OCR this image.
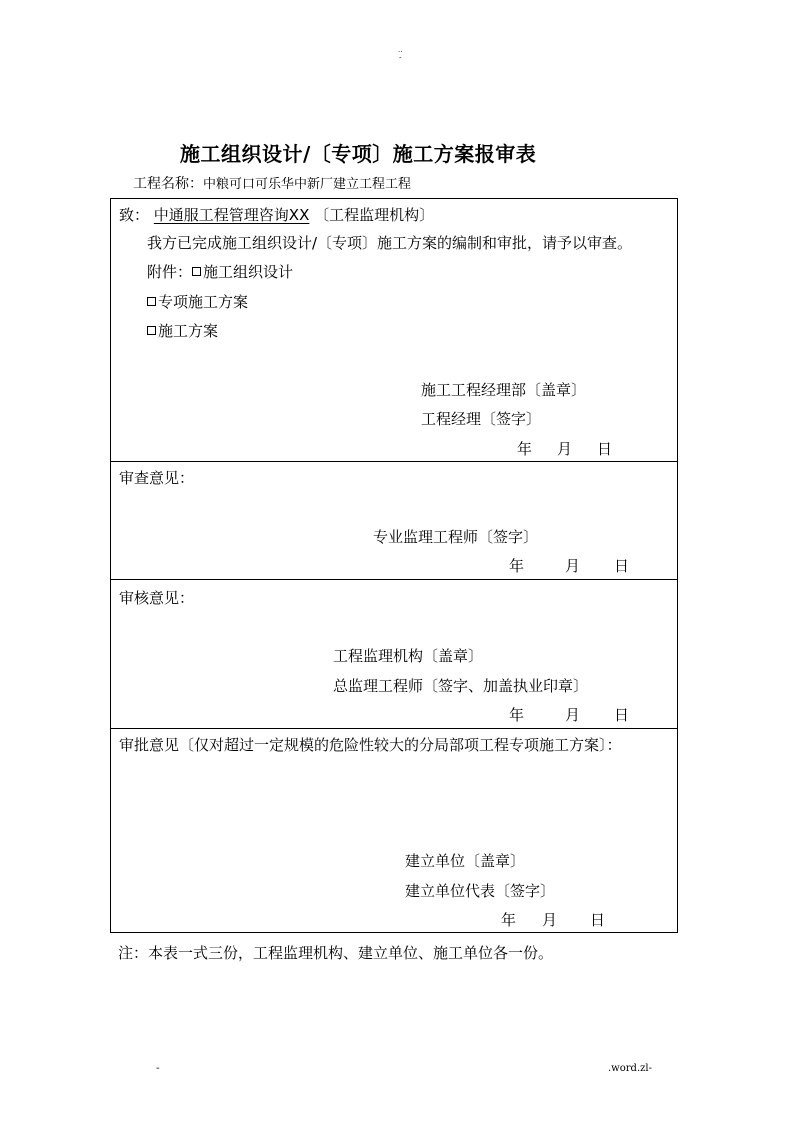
..
-
施工组织设计/〔专项〕施工方案报审表
工程名称：中粮可口可乐华中新厂建立工程工程
致： 中通服工程管理咨询XX 〔工程监理机构〕
我方已完成施工组织设计/〔专项〕施工方案的编制和审批，请予以审查。
附件： 施工组织设计
专项施工方案
施工方案
施工工程经理部〔盖章〕
工程经理〔签字〕
年 月 日
审查意见：
专业监理工程师〔签字〕
年	月 日
审核意见：
工程监理机构〔盖章〕
总监理工程师〔签字、加盖执业印章〕
年	月 日
审批意见〔仅对超过一定规模的危险性较大的分局部项工程专项施工方案〕：
建立单位〔盖章〕
建立单位代表〔签字〕
年 月 日
注：本表一式三份，工程监理机构、建立单位、施工单位各一份。
-	.word.zl-
